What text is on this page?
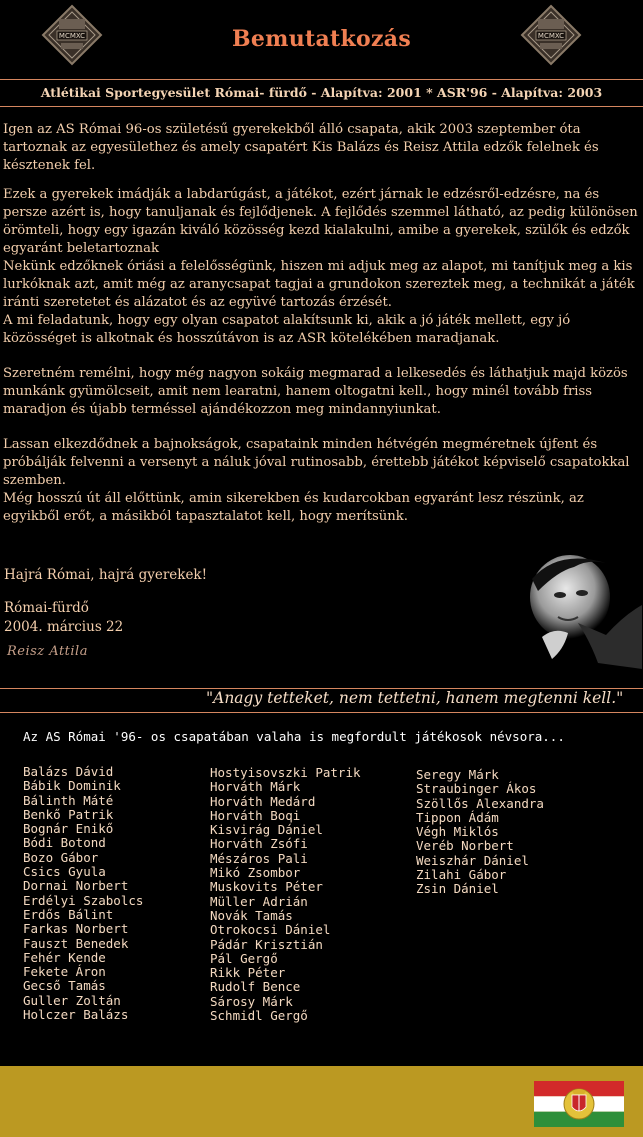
MCMXC	MCMXC
Bemutatkozás
Atlétikai Sportegyesület Római- fürdő - Alapítva: 2001 * ASR'96 - Alapítva: 2003

Igen az AS Római 96-os születésű gyerekekből álló csapata, akik 2003 szeptember óta tartoznak az egyesülethez és amely csapatért Kis Balázs és Reisz Attila edzők felelnek és késztenek fel.

Ezek a gyerekek imádják a labdarúgást, a játékot, ezért járnak le edzésről-edzésre, na és persze azért is, hogy tanuljanak és fejlődjenek. A fejlődés szemmel látható, az pedig különösen örömteli, hogy egy igazán kiváló közösség kezd kialakulni, amibe a gyerekek, szülők és edzők egyaránt beletartoznak

Nekünk edzőknek óriási a felelősségünk, hiszen mi adjuk meg az alapot, mi tanítjuk meg a kis lurkóknak azt, amit még az aranycsapat tagjai a grundokon szereztek meg, a technikát a játék iránti szeretetet és alázatot és az együvé tartozás érzését.

A mi feladatunk, hogy egy olyan csapatot alakítsunk ki, akik a jó játék mellett, egy jó közösséget is alkotnak és hosszútávon is az ASR kötelékében maradjanak.

Szeretném remélni, hogy még nagyon sokáig megmarad a lelkesedés és láthatjuk majd közös munkánk gyümölcseit, amit nem learatni, hanem oltogatni kell., hogy minél tovább friss maradjon és újabb terméssel ajándékozzon meg mindannyiunkat.

Lassan elkezdődnek a bajnokságok, csapataink minden hétvégén megméretnek újfent és próbálják felvenni a versenyt a náluk jóval rutinosabb, érettebb játékot képviselő csapatokkal szemben.

Még hosszú út áll előttünk, amin sikerekben és kudarcokban egyaránt lesz részünk, az egyikből erőt, a másikból tapasztalatot kell, hogy merítsünk.

Hajrá Római, hajrá gyerekek!
Római-fürdő
2004. március 22
Reisz Attila
"Anagy tetteket, nem tettetni, hanem megtenni kell."
Az AS Római '96- os csapatában valaha is megfordult játékosok névsora...
Balázs Dávid
Bábik Dominik
Bálinth Máté
Benkő Patrik
Bognár Enikő
Bódi Botond
Bozo Gábor
Csics Gyula
Dornai Norbert
Erdélyi Szabolcs
Erdős Bálint
Farkas Norbert
Fauszt Benedek
Fehér Kende
Fekete Áron
Gecső Tamás
Guller Zoltán
Holczer Balázs
Hostyisovszki Patrik
Horváth Márk
Horváth Medárd
Horváth Boqi
Kisvirág Dániel
Horváth Zsófi
Mészáros Pali
Mikó Zsombor
Muskovits Péter
Müller Adrián
Novák Tamás
Otrokocsi Dániel
Pádár Krisztián
Pál Gergő
Rikk Péter
Rudolf Bence
Sárosy Márk
Schmidl Gergő
Seregy Márk
Straubinger Ákos
Szöllős Alexandra
Tippon Ádám
Végh Miklós
Veréb Norbert
Weiszhár Dániel
Zilahi Gábor
Zsin Dániel
